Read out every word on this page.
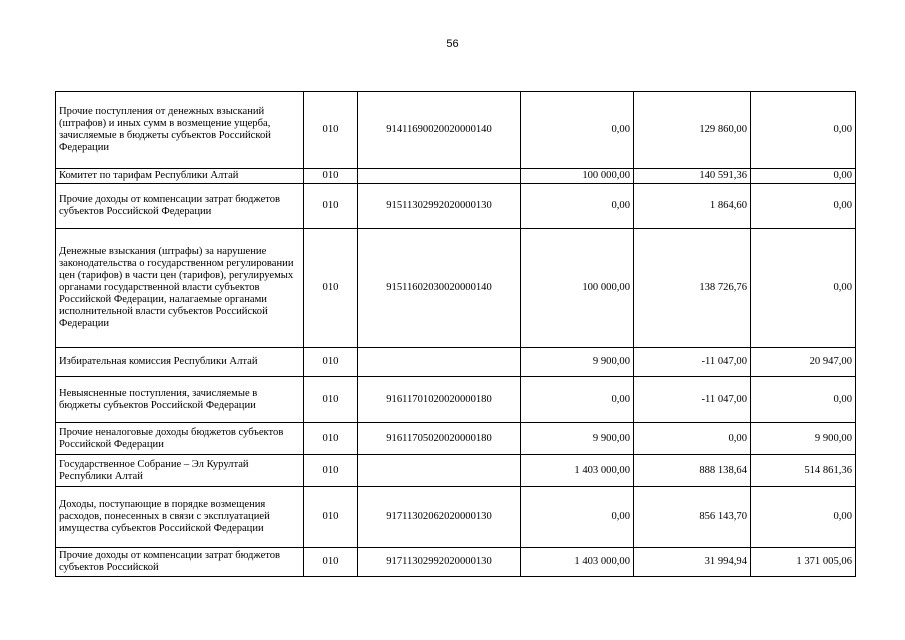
56
Прочие поступления от денежных взысканий (штрафов) и иных сумм в возмещение ущерба, зачисляемые в бюджеты субъектов Российской Федерации	010	91411690020020000140	0,00	129 860,00	0,00
Комитет по тарифам Республики Алтай	010		100 000,00	140 591,36	0,00
Прочие доходы от компенсации затрат бюджетов субъектов Российской Федерации	010	91511302992020000130	0,00	1 864,60	0,00
Денежные взыскания (штрафы) за нарушение законодательства о государственном регулировании цен (тарифов) в части цен (тарифов), регулируемых органами государственной власти субъектов Российской Федерации, налагаемые органами исполнительной власти субъектов Российской Федерации	010	91511602030020000140	100 000,00	138 726,76	0,00
Избирательная комиссия Республики Алтай	010		9 900,00	-11 047,00	20 947,00
Невыясненные поступления, зачисляемые в бюджеты субъектов Российской Федерации	010	91611701020020000180	0,00	-11 047,00	0,00
Прочие неналоговые доходы бюджетов субъектов Российской Федерации	010	91611705020020000180	9 900,00	0,00	9 900,00
Государственное Собрание – Эл Курултай Республики Алтай	010		1 403 000,00	888 138,64	514 861,36
Доходы, поступающие в порядке возмещения расходов, понесенных в связи с эксплуатацией имущества субъектов Российской Федерации	010	91711302062020000130	0,00	856 143,70	0,00
Прочие доходы от компенсации затрат бюджетов субъектов Российской	010	91711302992020000130	1 403 000,00	31 994,94	1 371 005,06
